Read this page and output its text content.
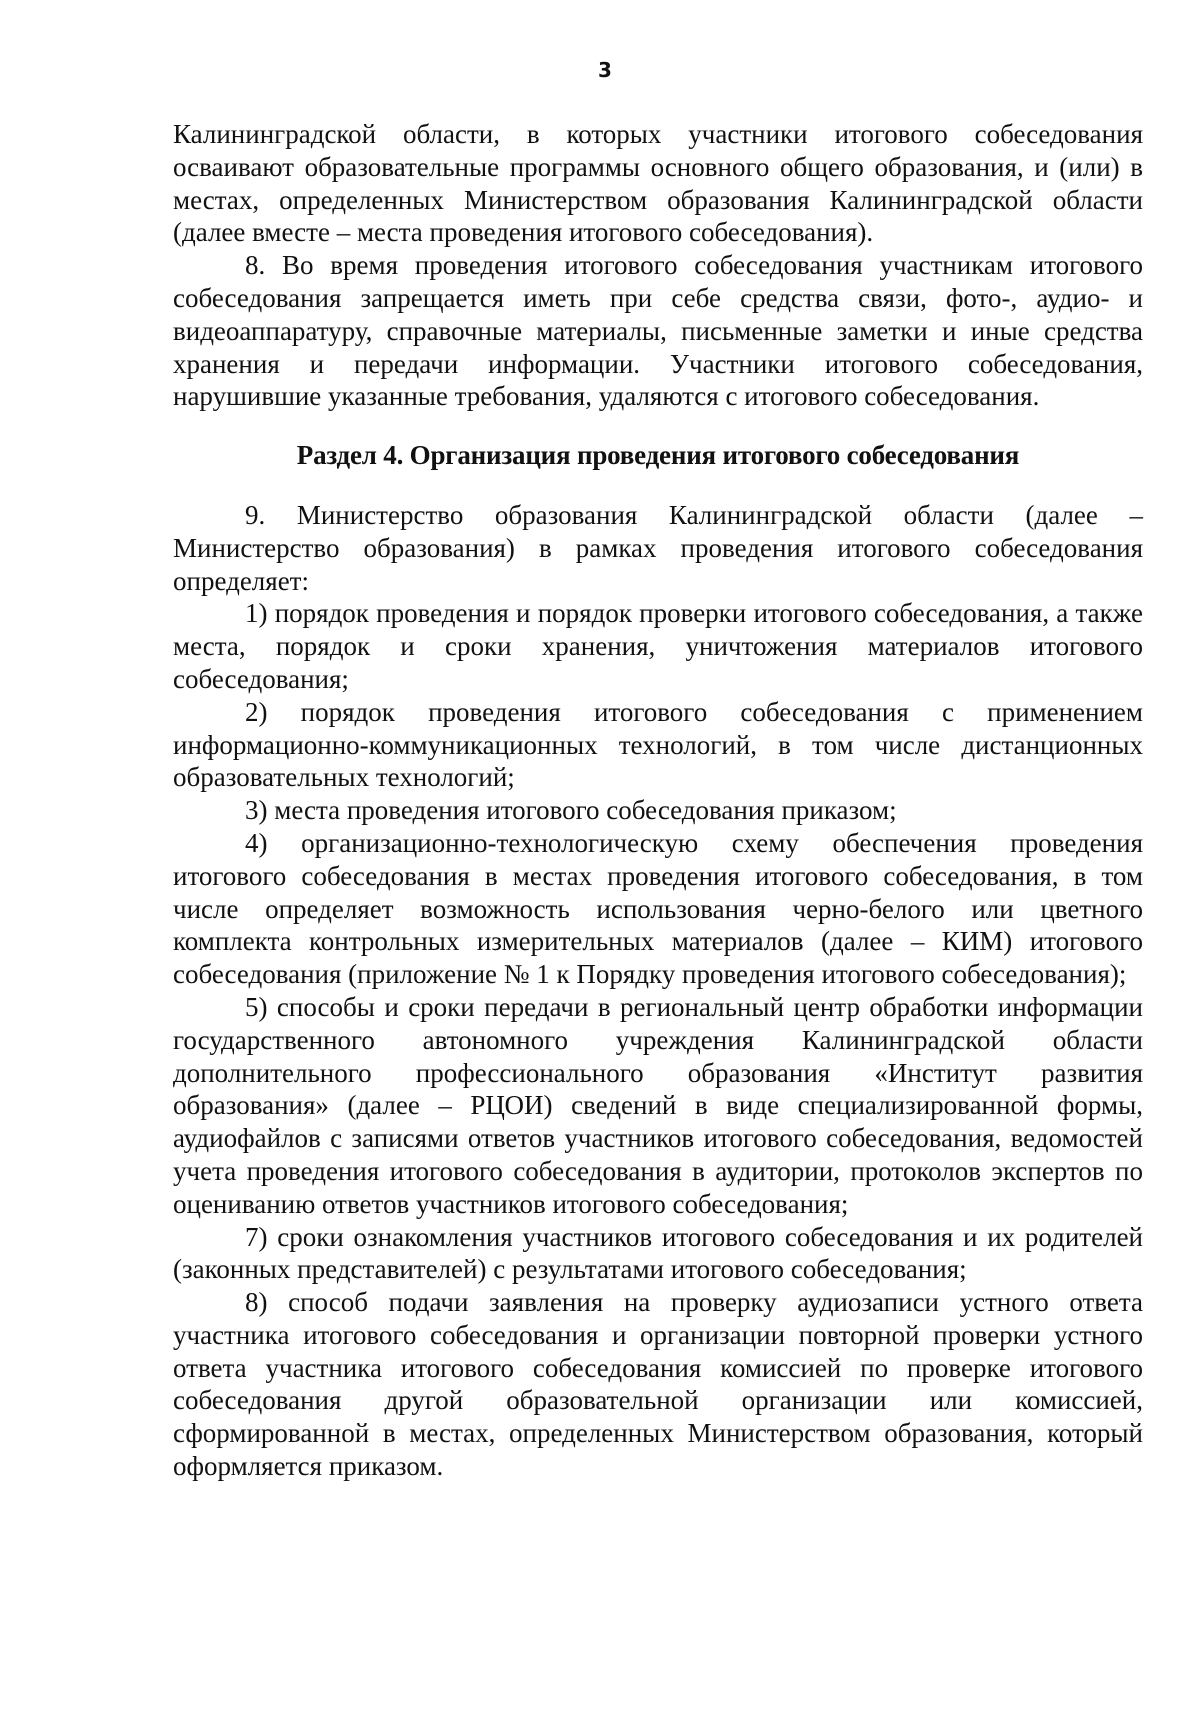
3

Калининградской области, в которых участники итогового собеседования осваивают образовательные программы основного общего образования, и (или) в местах, определенных Министерством образования Калининградской области (далее вместе – места проведения итогового собеседования).

8. Во время проведения итогового собеседования участникам итогового собеседования запрещается иметь при себе средства связи, фото-, аудио- и видеоаппаратуру, справочные материалы, письменные заметки и иные средства хранения и передачи информации. Участники итогового собеседования, нарушившие указанные требования, удаляются с итогового собеседования.

Раздел 4. Организация проведения итогового собеседования

9. Министерство образования Калининградской области (далее – Министерство образования) в рамках проведения итогового собеседования определяет:

1) порядок проведения и порядок проверки итогового собеседования, а также места, порядок и сроки хранения, уничтожения материалов итогового собеседования;

2) порядок проведения итогового собеседования с применением информационно-коммуникационных технологий, в том числе дистанционных образовательных технологий;

3) места проведения итогового собеседования приказом;

4) организационно-технологическую схему обеспечения проведения итогового собеседования в местах проведения итогового собеседования, в том числе определяет возможность использования черно-белого или цветного комплекта контрольных измерительных материалов (далее – КИМ) итогового собеседования (приложение № 1 к Порядку проведения итогового собеседования);

5) способы и сроки передачи в региональный центр обработки информации государственного автономного учреждения Калининградской области дополнительного профессионального образования «Институт развития образования» (далее – РЦОИ) сведений в виде специализированной формы, аудиофайлов с записями ответов участников итогового собеседования, ведомостей учета проведения итогового собеседования в аудитории, протоколов экспертов по оцениванию ответов участников итогового собеседования;

7) сроки ознакомления участников итогового собеседования и их родителей (законных представителей) с результатами итогового собеседования;

8) способ подачи заявления на проверку аудиозаписи устного ответа участника итогового собеседования и организации повторной проверки устного ответа участника итогового собеседования комиссией по проверке итогового собеседования другой образовательной организации или комиссией, сформированной в местах, определенных Министерством образования, который оформляется приказом.
